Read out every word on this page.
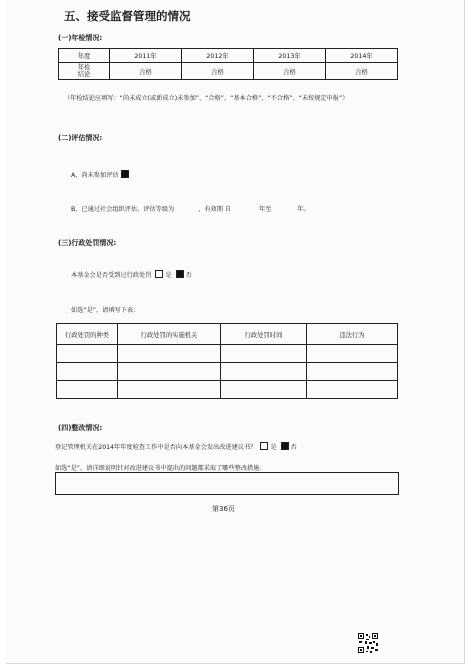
五、接受监督管理的情况
(一)年检情况:
年度	2011年	2012年	2013年	2014年

年检结论	合格	合格	合格	合格
（年检结论应填写：“尚未成立(或新成立)未参加”、“合格”、“基本合格”、“不合格”、“未按规定申报”）
(二)评估情况:
A、尚未参加评估
B、已通过社会组织评估，评估等级为	，有效期 自	年至	年。
(三)行政处罚情况:
本基金会是否受到过行政处罚 是 否
如选“是”，请填写下表：
行政处罚的种类	行政处罚的实施机关	行政处罚时间	违法行为

(四)整改情况:
登记管理机关在2014年年度检查工作中是否向本基金会发出改进建议书？ 是 否
如选“是”，请详细说明针对改进建议书中提出的问题都采取了哪些整改措施：
第36页
